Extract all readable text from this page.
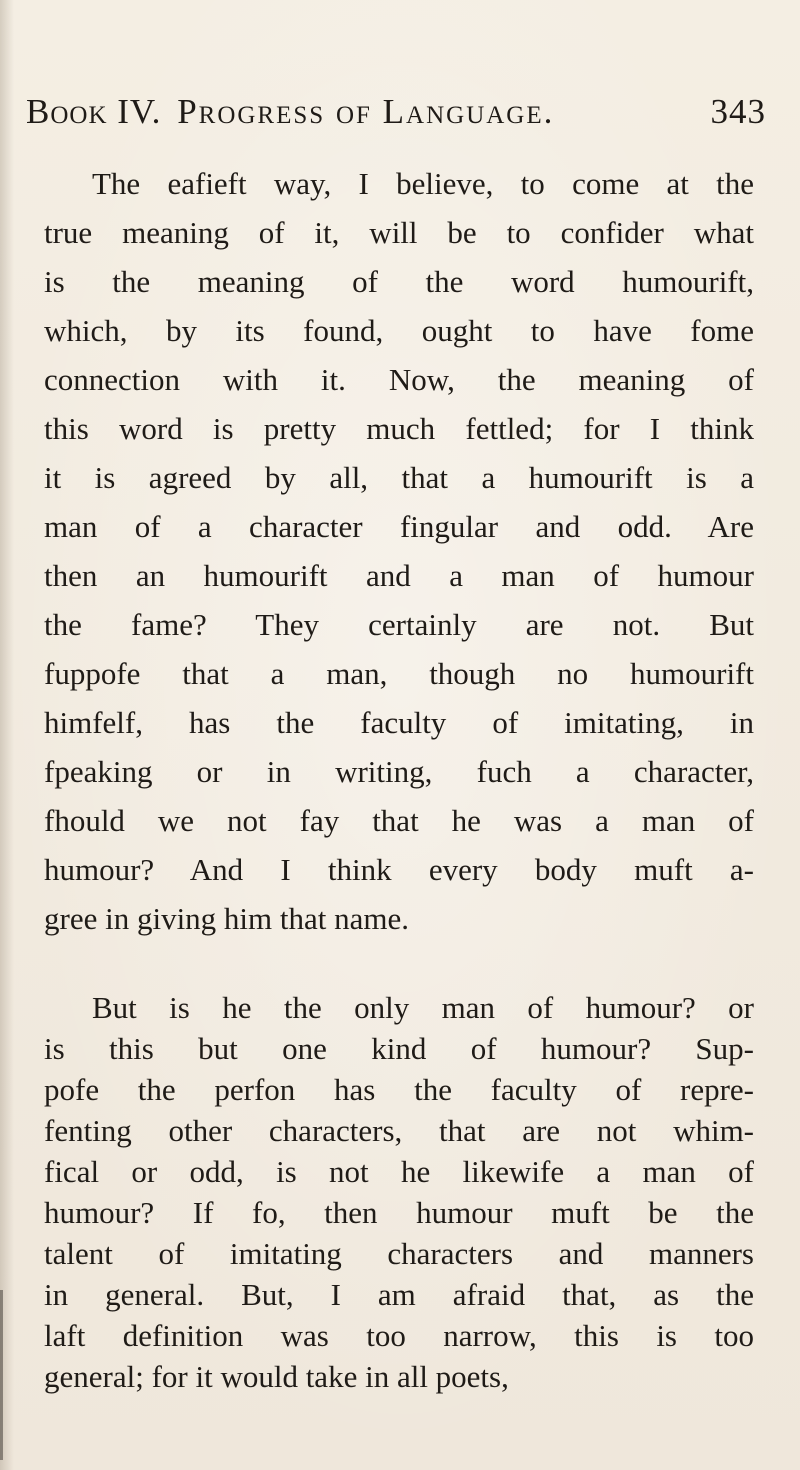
Book IV. Progress of Language.	343
The eafieft way, I believe, to come at the
true meaning of it, will be to confider what
is the meaning of the word humourift,
which, by its found, ought to have fome
connection with it. Now, the meaning of
this word is pretty much fettled; for I think
it is agreed by all, that a humourift is a
man of a character fingular and odd. Are
then an humourift and a man of humour
the fame? They certainly are not. But
fuppofe that a man, though no humourift
himfelf, has the faculty of imitating, in
fpeaking or in writing, fuch a character,
fhould we not fay that he was a man of
humour? And I think every body muft a-
gree in giving him that name.
But is he the only man of humour? or
is this but one kind of humour? Sup-
pofe the perfon has the faculty of repre-
fenting other characters, that are not whim-
fical or odd, is not he likewife a man of
humour? If fo, then humour muft be the
talent of imitating characters and manners
in general. But, I am afraid that, as the
laft definition was too narrow, this is too
general; for it would take in all poets,
